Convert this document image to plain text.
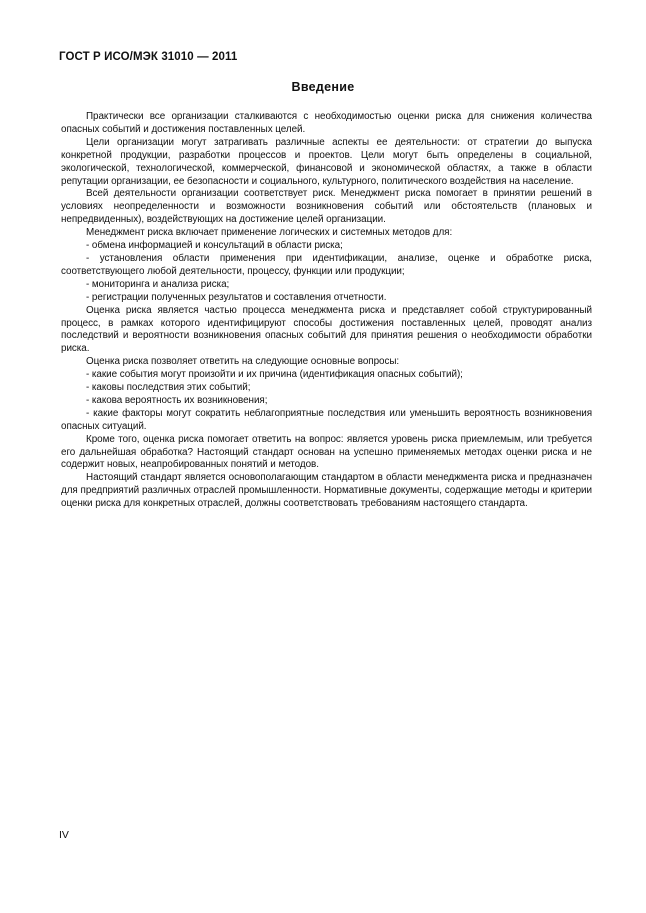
ГОСТ Р ИСО/МЭК 31010 — 2011
Введение

Практически все организации сталкиваются с необходимостью оценки риска для снижения количества опасных событий и достижения поставленных целей.

Цели организации могут затрагивать различные аспекты ее деятельности: от стратегии до выпуска конкретной продукции, разработки процессов и проектов. Цели могут быть определены в социальной, экологической, технологической, коммерческой, финансовой и экономической областях, а также в области репутации организации, ее безопасности и социального, культурного, политического воздействия на население.

Всей деятельности организации соответствует риск. Менеджмент риска помогает в принятии решений в условиях неопределенности и возможности возникновения событий или обстоятельств (плановых и непредвиденных), воздействующих на достижение целей организации.

Менеджмент риска включает применение логических и системных методов для:

- обмена информацией и консультаций в области риска;

- установления области применения при идентификации, анализе, оценке и обработке риска, соответствующего любой деятельности, процессу, функции или продукции;

- мониторинга и анализа риска;

- регистрации полученных результатов и составления отчетности.

Оценка риска является частью процесса менеджмента риска и представляет собой структурированный процесс, в рамках которого идентифицируют способы достижения поставленных целей, проводят анализ последствий и вероятности возникновения опасных событий для принятия решения о необходимости обработки риска.

Оценка риска позволяет ответить на следующие основные вопросы:

- какие события могут произойти и их причина (идентификация опасных событий);

- каковы последствия этих событий;

- какова вероятность их возникновения;

- какие факторы могут сократить неблагоприятные последствия или уменьшить вероятность возникновения опасных ситуаций.

Кроме того, оценка риска помогает ответить на вопрос: является уровень риска приемлемым, или требуется его дальнейшая обработка? Настоящий стандарт основан на успешно применяемых методах оценки риска и не содержит новых, неапробированных понятий и методов.

Настоящий стандарт является основополагающим стандартом в области менеджмента риска и предназначен для предприятий различных отраслей промышленности. Нормативные документы, содержащие методы и критерии оценки риска для конкретных отраслей, должны соответствовать требованиям настоящего стандарта.

IV
